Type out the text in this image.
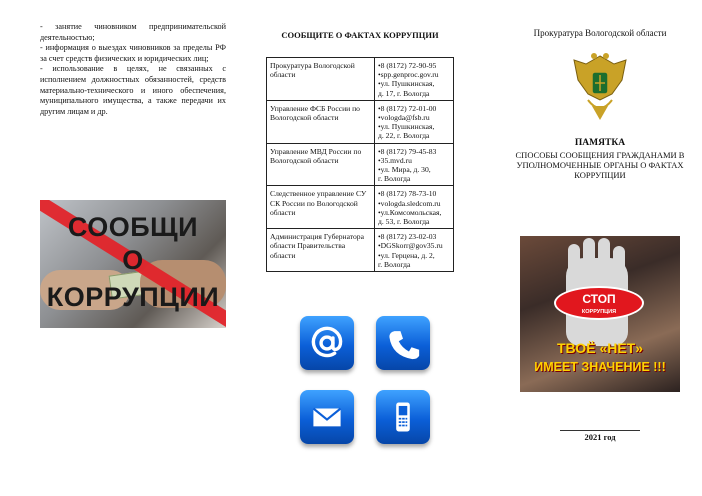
- занятие чиновником предпринимательской деятельностью;

- информация о выездах чиновников за пределы РФ за счет средств физических и юридических лиц;

- использование в целях, не связанных с исполнением должностных обязанностей, средств материально-технического и иного обеспечения, муниципального имущества, а также передачи их другим лицам и др.

СООБЩИ
О
КОРРУПЦИИ
СООБЩИТЕ О ФАКТАХ КОРРУПЦИИ
Прокуратура Вологодской области	•8 (8172) 72-90-95

•spp.genproc.gov.ru

•ул. Пушкинская,

д. 17, г. Вологда

Управление ФСБ России по Вологодской области	•8 (8172) 72-01-00

•vologda@fsb.ru

•ул. Пушкинская,

д. 22, г. Вологда

Управление МВД России по Вологодской области	•8 (8172) 79-45-83

•35.mvd.ru

•ул. Мира, д. 30,

г. Вологда

Следственное управление СУ СК России по Вологодской области	•8 (8172) 78-73-10

•vologda.sledcom.ru

•ул.Комсомольская,

д. 53, г. Вологда

Администрация Губернатора области Правительства области	•8 (8172) 23-02-03

•DGSkorr@gov35.ru

•ул. Герцена, д. 2,

г. Вологда

Прокуратура Вологодской области
ПАМЯТКА
СПОСОБЫ СООБЩЕНИЯ ГРАЖДАНАМИ В УПОЛНОМОЧЕННЫЕ ОРГАНЫ О ФАКТАХ КОРРУПЦИИ
СТОП
КОРРУПЦИЯ
ТВОЁ «НЕТ»
ИМЕЕТ ЗНАЧЕНИЕ !!!
2021 год
